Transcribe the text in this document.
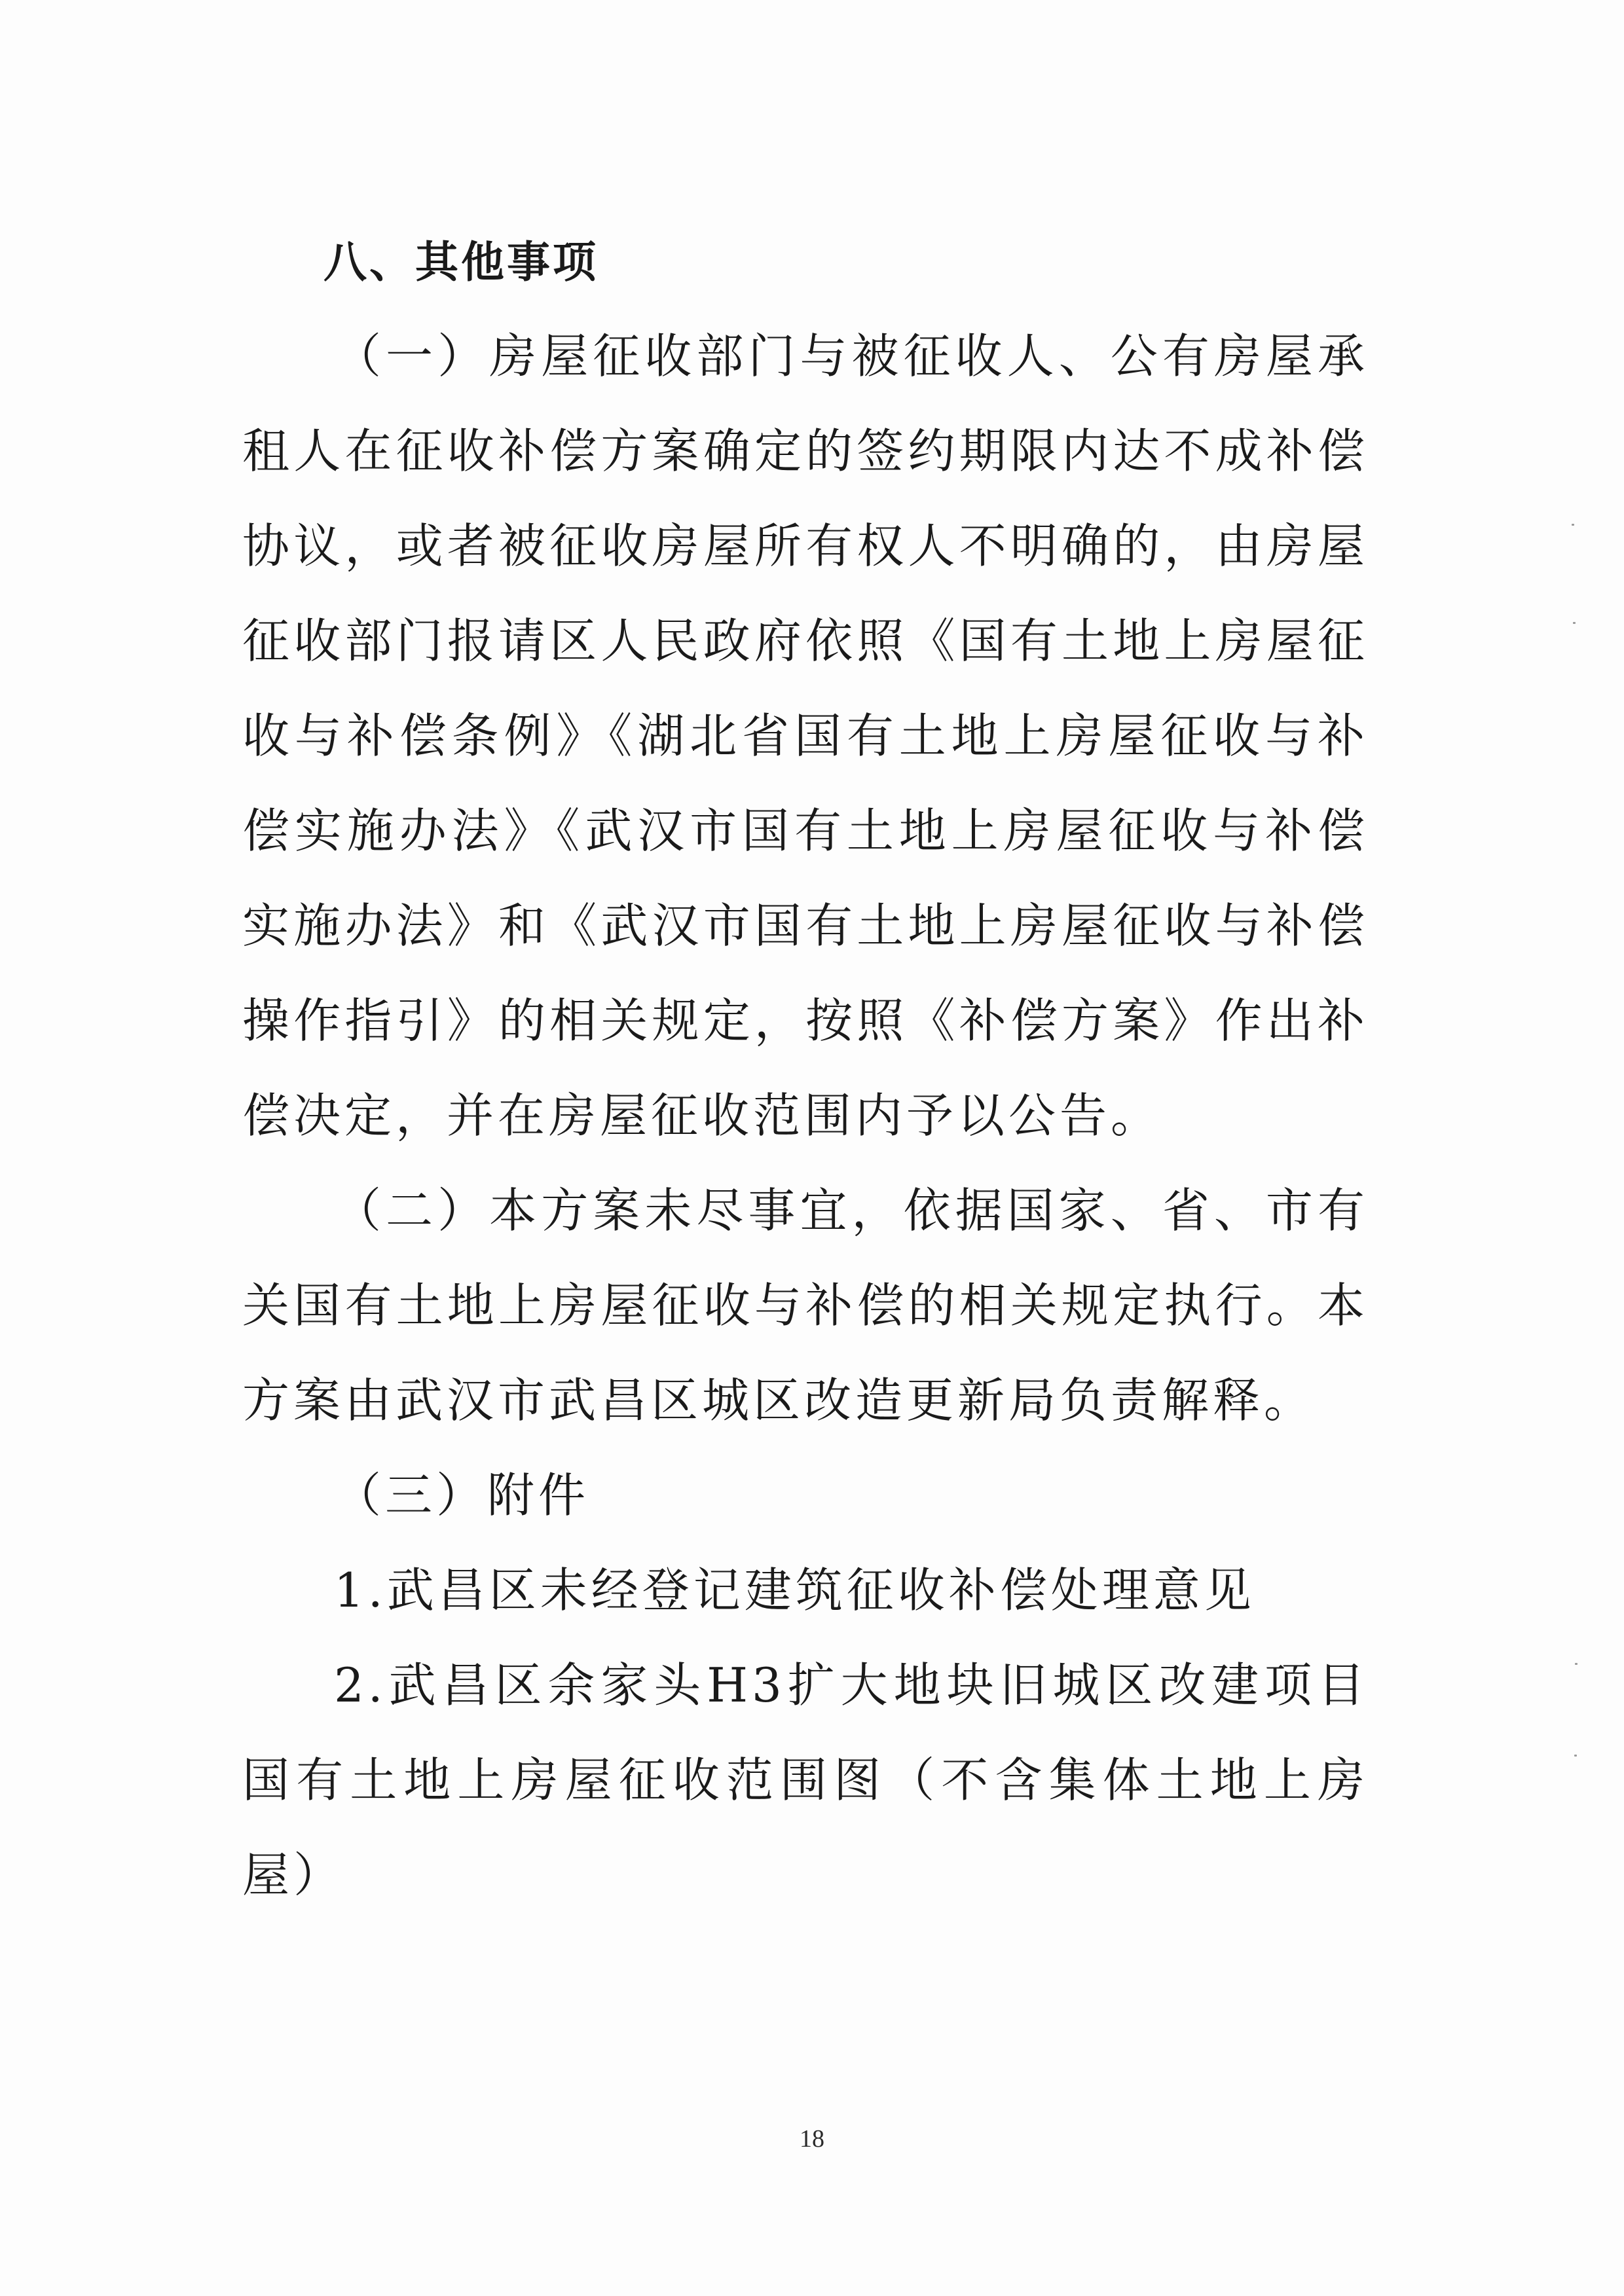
八、其他事项

（一）房屋征收部门与被征收人、公有房屋承租人在征收补偿方案确定的签约期限内达不成补偿协议，或者被征收房屋所有权人不明确的，由房屋征收部门报请区人民政府依照《国有土地上房屋征收与补偿条例》《湖北省国有土地上房屋征收与补偿实施办法》《武汉市国有土地上房屋征收与补偿实施办法》和《武汉市国有土地上房屋征收与补偿操作指引》的相关规定，按照《补偿方案》作出补偿决定，并在房屋征收范围内予以公告。

（二）本方案未尽事宜，依据国家、省、市有关国有土地上房屋征收与补偿的相关规定执行。本方案由武汉市武昌区城区改造更新局负责解释。

（三）附件

1.武昌区未经登记建筑征收补偿处理意见

2.武昌区余家头H3扩大地块旧城区改建项目国有土地上房屋征收范围图（不含集体土地上房屋）

18
